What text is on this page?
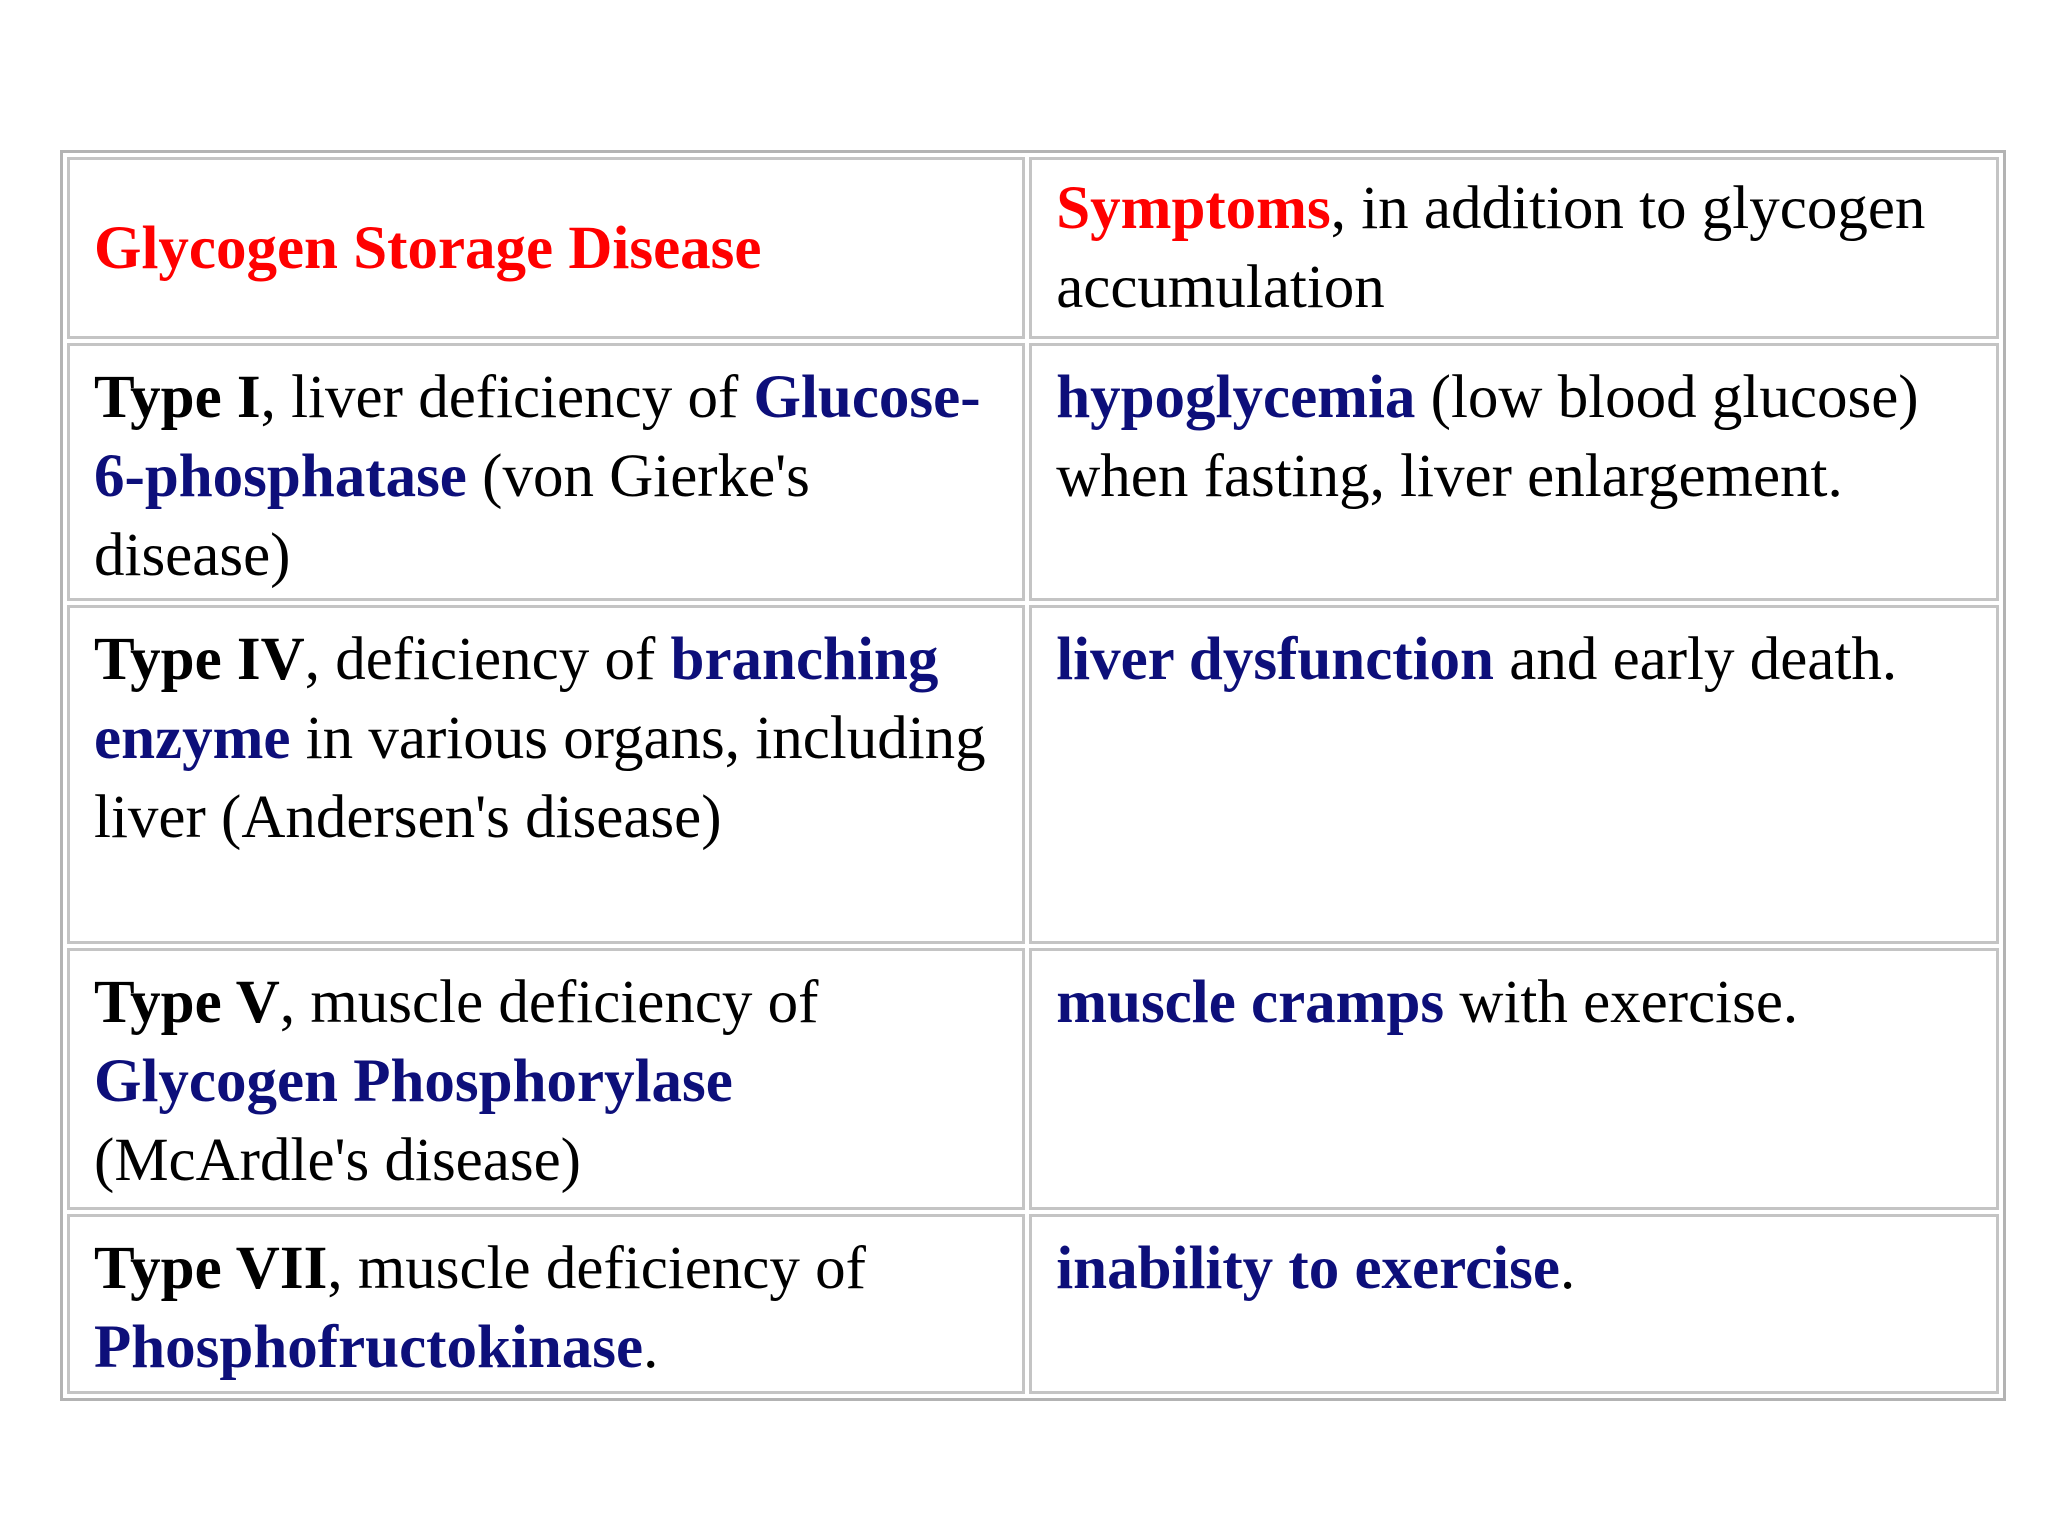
Glycogen Storage Disease	Symptoms, in addition to glycogen accumulation
Type I, liver deficiency of Glucose-6-phosphatase (von Gierke's disease)	hypoglycemia (low blood glucose) when fasting, liver enlargement.
Type IV, deficiency of branching enzyme in various organs, including liver (Andersen's disease)	liver dysfunction and early death.
Type V, muscle deficiency of Glycogen Phosphorylase (McArdle's disease)	muscle cramps with exercise.
Type VII, muscle deficiency of Phosphofructokinase.	inability to exercise.
